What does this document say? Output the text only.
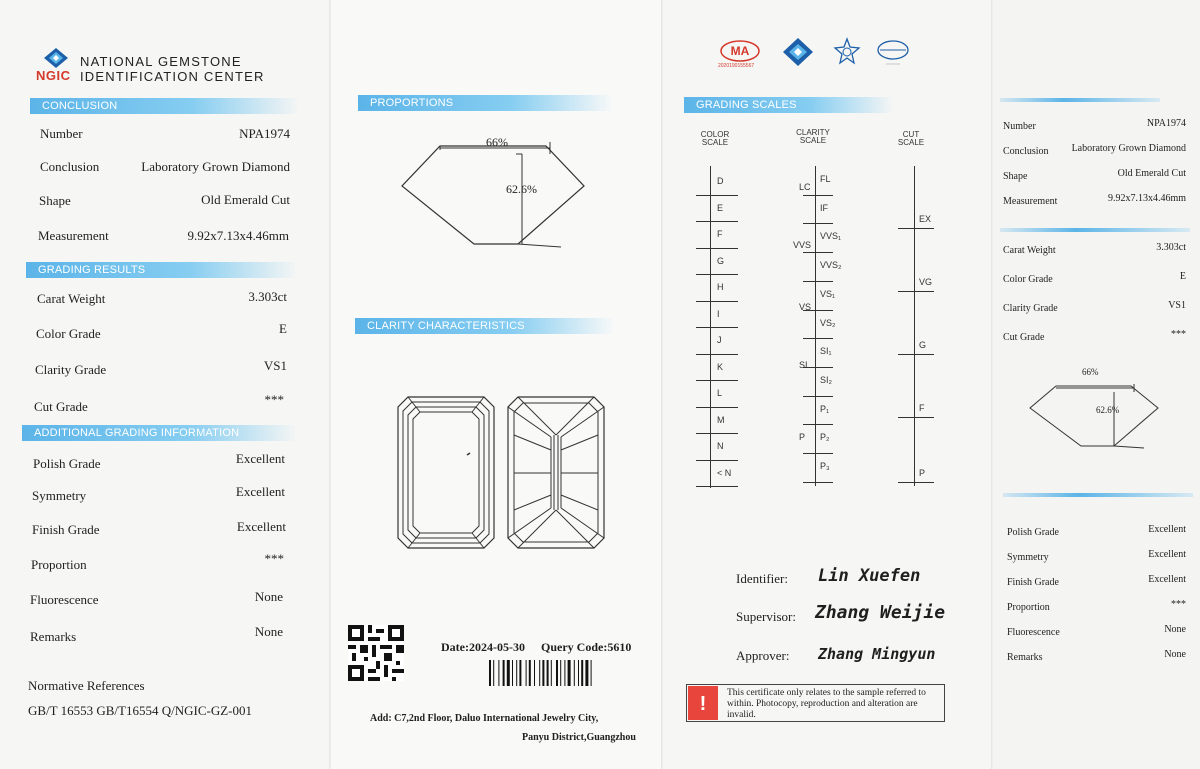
NATIONAL GEMSTONE
NGIC IDENTIFICATION CENTER
CONCLUSION
Number	NPA1974
Conclusion	Laboratory Grown Diamond
Shape	Old Emerald Cut
Measurement	9.92x7.13x4.46mm
GRADING RESULTS
Carat Weight	3.303ct
Color Grade	E
Clarity Grade	VS1
Cut Grade	***
ADDITIONAL GRADING INFORMATION
Polish Grade	Excellent
Symmetry	Excellent
Finish Grade	Excellent
Proportion	***
Fluorescence	None
Remarks	None
Normative References
GB/T 16553 GB/T16554 Q/NGIC-GZ-001
PROPORTIONS
66%
62.6%
CLARITY CHARACTERISTICS
Date:2024-05-30 Query Code:5610
Add: C7,2nd Floor, Daluo International Jewelry City,
Panyu District,Guangzhou
MA
2020190155567
GRADING SCALES
COLOR
SCALE
CLARITY
SCALE
CUT
SCALE
D
E
F
G
H
I
J
K
L
M
N
< N
FL
IF
VVS₁
VVS₂
VS₁
VS₂
SI₁
SI₂
P₁
P₂
P₃
LC
VVS
VS
SI
P
EX
VG
G
F
P
Identifier: Lin Xuefen
Supervisor: Zhang Weijie
Approver: Zhang Mingyun
! This certificate only relates to the sample referred to within. Photocopy, reproduction and alteration are invalid.
Number	NPA1974
Conclusion Laboratory Grown Diamond
Shape	Old Emerald Cut
Measurement	9.92x7.13x4.46mm
Carat Weight	3.303ct
Color Grade	E
Clarity Grade	VS1
Cut Grade	***
66%
62.6%
Polish Grade	Excellent
Symmetry	Excellent
Finish Grade	Excellent
Proportion	***
Fluorescence	None
Remarks	None
